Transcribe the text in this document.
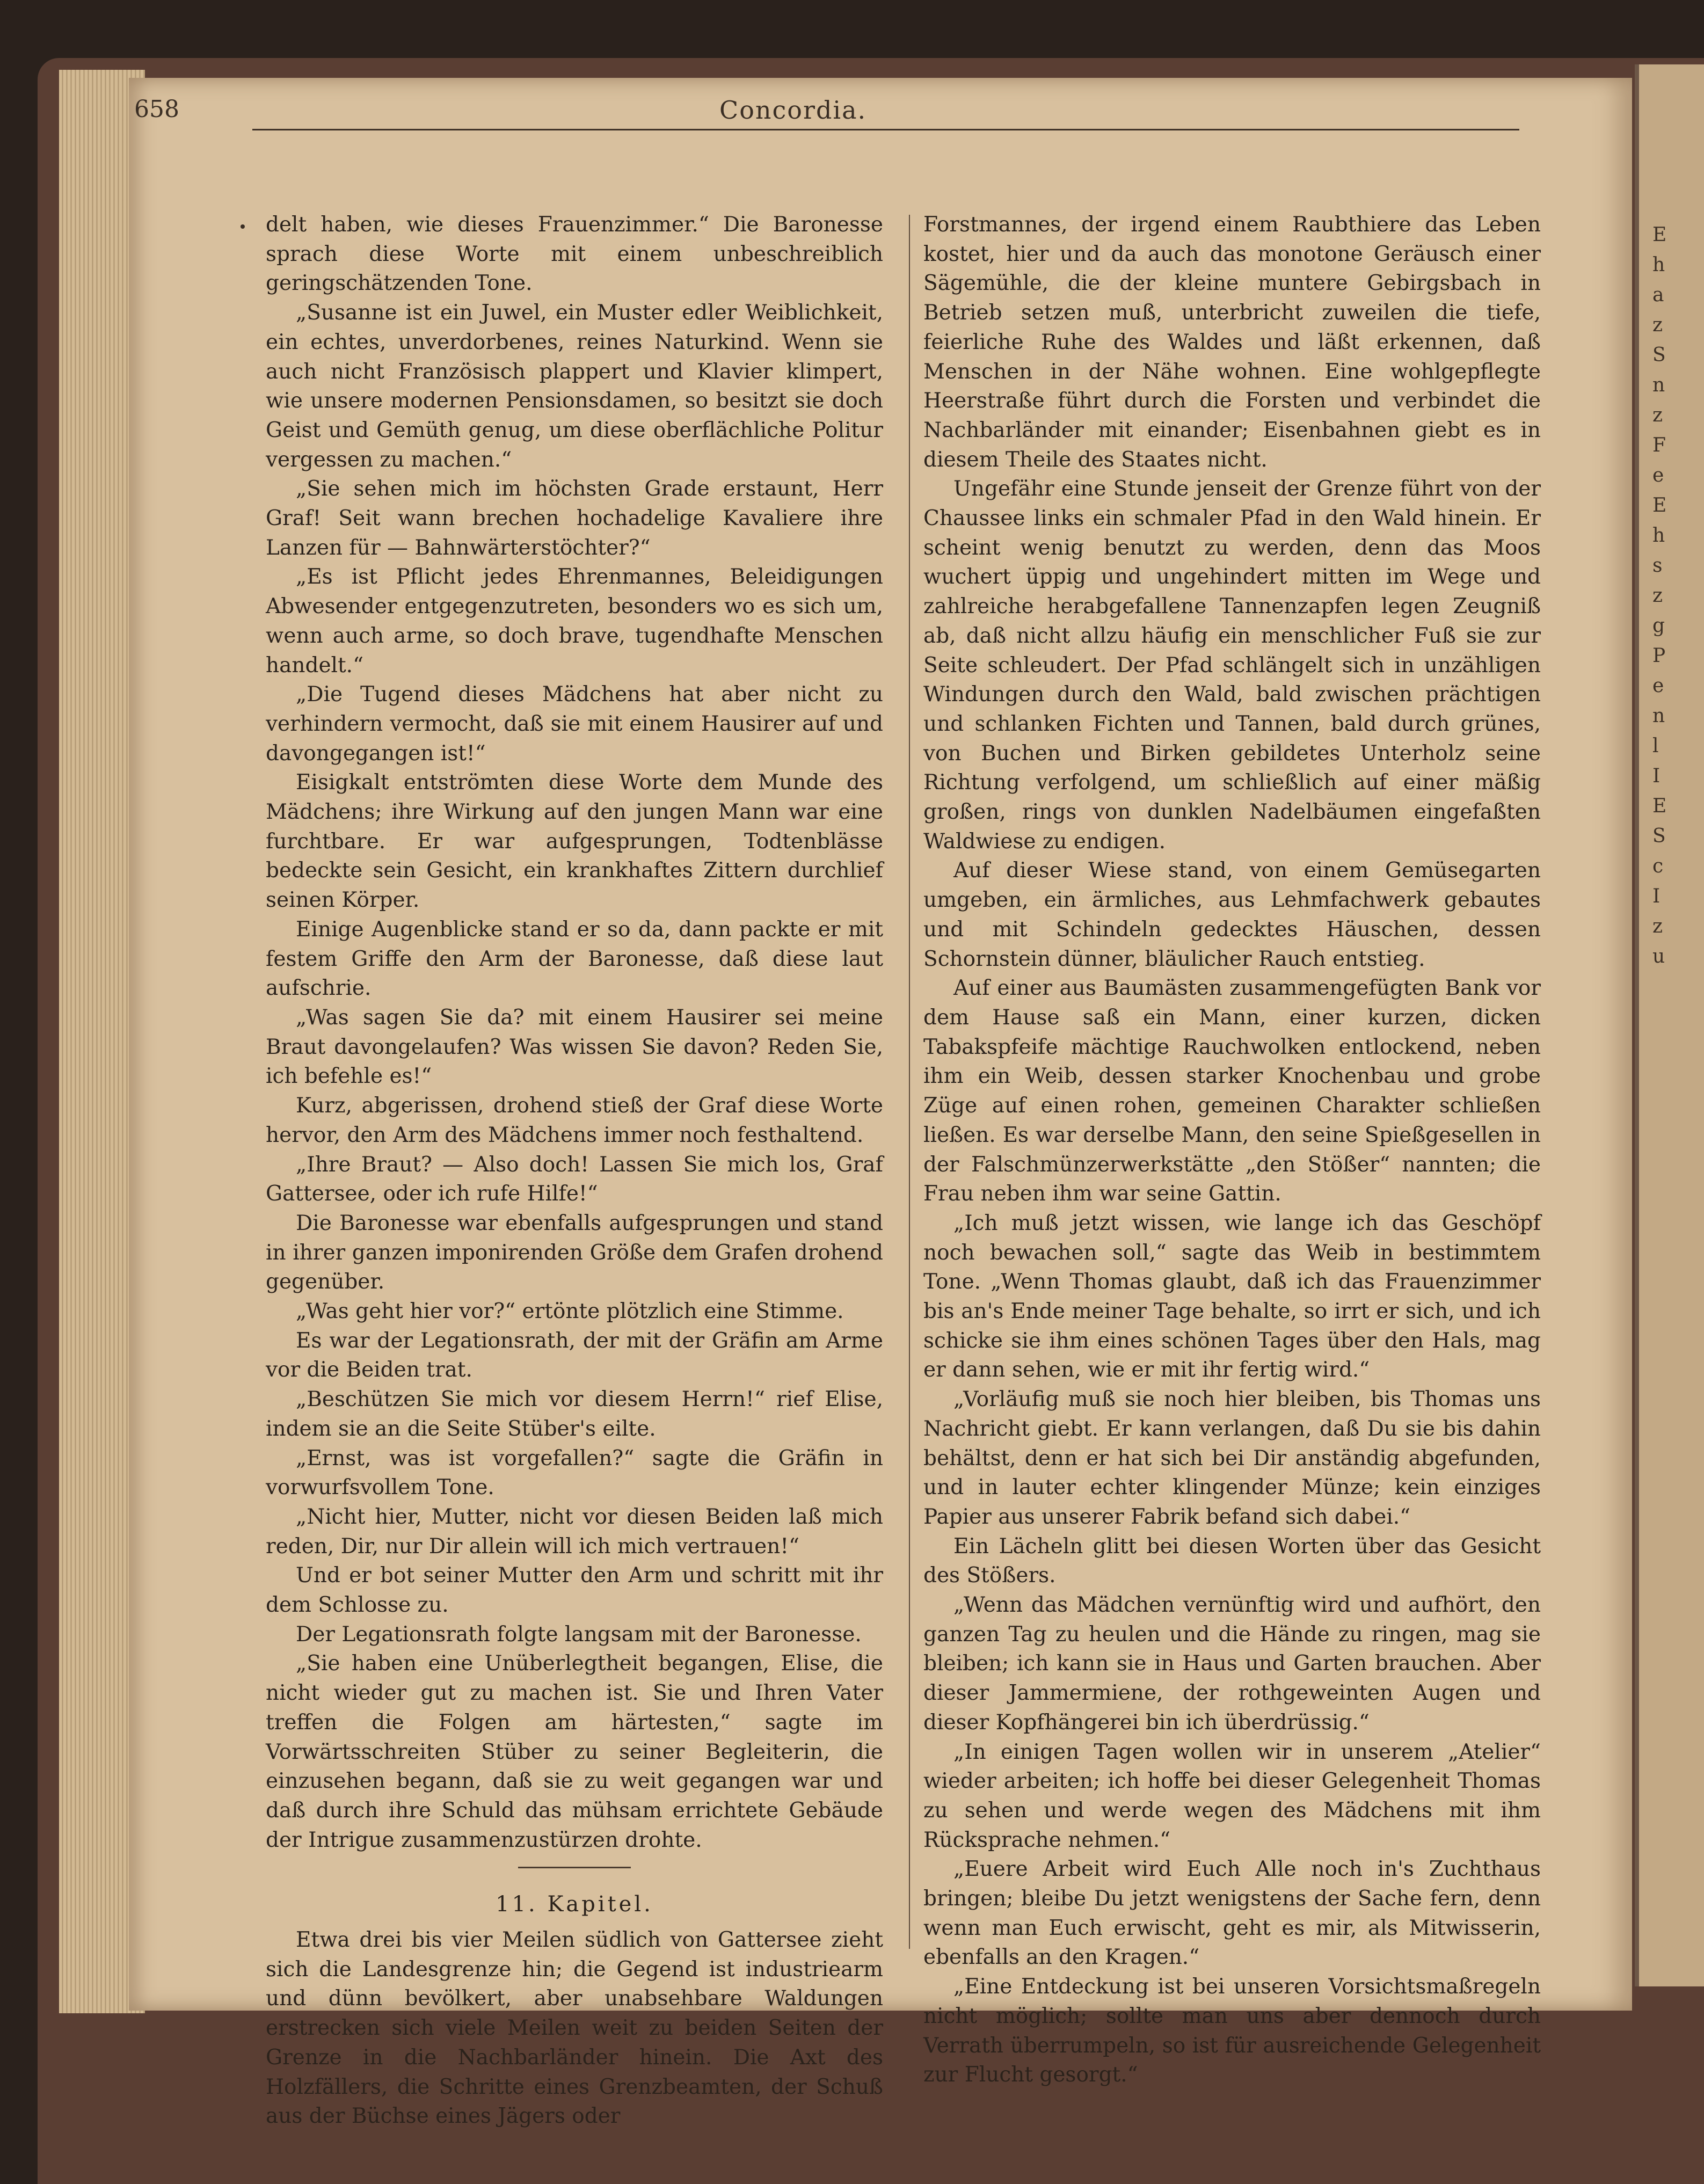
E
h
a
z
S
n
z
F
e
E
h
s
z
g
P
e
n
l
I
E
S
c
I
z
u
658	Concordia.

delt haben, wie dieses Frauenzimmer.“ Die Baronesse sprach diese Worte mit einem unbeschreiblich geringschätzenden Tone.

„Susanne ist ein Juwel, ein Muster edler Weiblichkeit, ein echtes, unverdorbenes, reines Naturkind. Wenn sie auch nicht Französisch plappert und Klavier klimpert, wie unsere modernen Pensionsdamen, so besitzt sie doch Geist und Gemüth genug, um diese oberflächliche Politur vergessen zu machen.“

„Sie sehen mich im höchsten Grade erstaunt, Herr Graf! Seit wann brechen hochadelige Kavaliere ihre Lanzen für — Bahnwärterstöchter?“

„Es ist Pflicht jedes Ehrenmannes, Beleidigungen Abwesender entgegenzutreten, besonders wo es sich um, wenn auch arme, so doch brave, tugendhafte Menschen handelt.“

„Die Tugend dieses Mädchens hat aber nicht zu verhindern vermocht, daß sie mit einem Hausirer auf und davongegangen ist!“

Eisigkalt entströmten diese Worte dem Munde des Mädchens; ihre Wirkung auf den jungen Mann war eine furchtbare. Er war aufgesprungen, Todtenblässe bedeckte sein Gesicht, ein krankhaftes Zittern durchlief seinen Körper.

Einige Augenblicke stand er so da, dann packte er mit festem Griffe den Arm der Baronesse, daß diese laut aufschrie.

„Was sagen Sie da? mit einem Hausirer sei meine Braut davongelaufen? Was wissen Sie davon? Reden Sie, ich befehle es!“

Kurz, abgerissen, drohend stieß der Graf diese Worte hervor, den Arm des Mädchens immer noch festhaltend.

„Ihre Braut? — Also doch! Lassen Sie mich los, Graf Gattersee, oder ich rufe Hilfe!“

Die Baronesse war ebenfalls aufgesprungen und stand in ihrer ganzen imponirenden Größe dem Grafen drohend gegenüber.

„Was geht hier vor?“ ertönte plötzlich eine Stimme.

Es war der Legationsrath, der mit der Gräfin am Arme vor die Beiden trat.

„Beschützen Sie mich vor diesem Herrn!“ rief Elise, indem sie an die Seite Stüber's eilte.

„Ernst, was ist vorgefallen?“ sagte die Gräfin in vorwurfsvollem Tone.

„Nicht hier, Mutter, nicht vor diesen Beiden laß mich reden, Dir, nur Dir allein will ich mich vertrauen!“

Und er bot seiner Mutter den Arm und schritt mit ihr dem Schlosse zu.

Der Legationsrath folgte langsam mit der Baronesse.

„Sie haben eine Unüberlegtheit begangen, Elise, die nicht wieder gut zu machen ist. Sie und Ihren Vater treffen die Folgen am härtesten,“ sagte im Vorwärtsschreiten Stüber zu seiner Begleiterin, die einzusehen begann, daß sie zu weit gegangen war und daß durch ihre Schuld das mühsam errichtete Gebäude der Intrigue zusammenzustürzen drohte.

11. Kapitel.

Etwa drei bis vier Meilen südlich von Gattersee zieht sich die Landesgrenze hin; die Gegend ist industriearm und dünn bevölkert, aber unabsehbare Waldungen erstrecken sich viele Meilen weit zu beiden Seiten der Grenze in die Nachbarländer hinein. Die Axt des Holzfällers, die Schritte eines Grenzbeamten, der Schuß aus der Büchse eines Jägers oder

Forstmannes, der irgend einem Raubthiere das Leben kostet, hier und da auch das monotone Geräusch einer Sägemühle, die der kleine muntere Gebirgsbach in Betrieb setzen muß, unterbricht zuweilen die tiefe, feierliche Ruhe des Waldes und läßt erkennen, daß Menschen in der Nähe wohnen. Eine wohlgepflegte Heerstraße führt durch die Forsten und verbindet die Nachbarländer mit einander; Eisenbahnen giebt es in diesem Theile des Staates nicht.

Ungefähr eine Stunde jenseit der Grenze führt von der Chaussee links ein schmaler Pfad in den Wald hinein. Er scheint wenig benutzt zu werden, denn das Moos wuchert üppig und ungehindert mitten im Wege und zahlreiche herabgefallene Tannenzapfen legen Zeugniß ab, daß nicht allzu häufig ein menschlicher Fuß sie zur Seite schleudert. Der Pfad schlängelt sich in unzähligen Windungen durch den Wald, bald zwischen prächtigen und schlanken Fichten und Tannen, bald durch grünes, von Buchen und Birken gebildetes Unterholz seine Richtung verfolgend, um schließlich auf einer mäßig großen, rings von dunklen Nadelbäumen eingefaßten Waldwiese zu endigen.

Auf dieser Wiese stand, von einem Gemüsegarten umgeben, ein ärmliches, aus Lehmfachwerk gebautes und mit Schindeln gedecktes Häuschen, dessen Schornstein dünner, bläulicher Rauch entstieg.

Auf einer aus Baumästen zusammengefügten Bank vor dem Hause saß ein Mann, einer kurzen, dicken Tabakspfeife mächtige Rauchwolken entlockend, neben ihm ein Weib, dessen starker Knochenbau und grobe Züge auf einen rohen, gemeinen Charakter schließen ließen. Es war derselbe Mann, den seine Spießgesellen in der Falschmünzerwerkstätte „den Stößer“ nannten; die Frau neben ihm war seine Gattin.

„Ich muß jetzt wissen, wie lange ich das Geschöpf noch bewachen soll,“ sagte das Weib in bestimmtem Tone. „Wenn Thomas glaubt, daß ich das Frauenzimmer bis an's Ende meiner Tage behalte, so irrt er sich, und ich schicke sie ihm eines schönen Tages über den Hals, mag er dann sehen, wie er mit ihr fertig wird.“

„Vorläufig muß sie noch hier bleiben, bis Thomas uns Nachricht giebt. Er kann verlangen, daß Du sie bis dahin behältst, denn er hat sich bei Dir anständig abgefunden, und in lauter echter klingender Münze; kein einziges Papier aus unserer Fabrik befand sich dabei.“

Ein Lächeln glitt bei diesen Worten über das Gesicht des Stößers.

„Wenn das Mädchen vernünftig wird und aufhört, den ganzen Tag zu heulen und die Hände zu ringen, mag sie bleiben; ich kann sie in Haus und Garten brauchen. Aber dieser Jammermiene, der rothgeweinten Augen und dieser Kopfhängerei bin ich überdrüssig.“

„In einigen Tagen wollen wir in unserem „Atelier“ wieder arbeiten; ich hoffe bei dieser Gelegenheit Thomas zu sehen und werde wegen des Mädchens mit ihm Rücksprache nehmen.“

„Euere Arbeit wird Euch Alle noch in's Zuchthaus bringen; bleibe Du jetzt wenigstens der Sache fern, denn wenn man Euch erwischt, geht es mir, als Mitwisserin, ebenfalls an den Kragen.“

„Eine Entdeckung ist bei unseren Vorsichtsmaßregeln nicht möglich; sollte man uns aber dennoch durch Verrath überrumpeln, so ist für ausreichende Gelegenheit zur Flucht gesorgt.“
